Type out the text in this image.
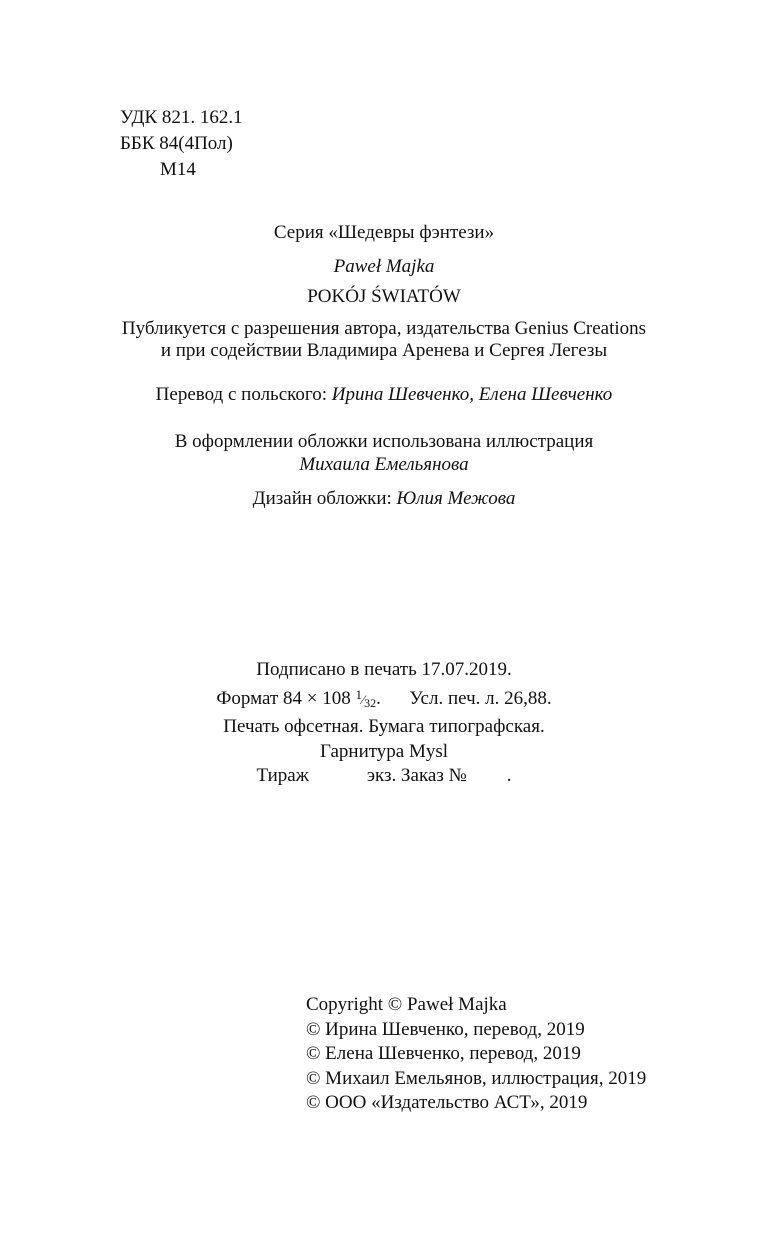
УДК 821. 162.1
ББК 84(4Пол)
М14
Серия «Шедевры фэнтези»
Paweł Majka
POKÓJ ŚWIATÓW
Публикуется с разрешения автора, издательства Genius Creations
и при содействии Владимира Аренева и Сергея Легезы
Перевод с польского: Ирина Шевченко, Елена Шевченко
В оформлении обложки использована иллюстрация
Михаила Емельянова
Дизайн обложки: Юлия Межова
Подписано в печать 17.07.2019.
Формат 84 × 108 $^1⁄_{32}$.      Усл. печ. л. 26,88.
Печать офсетная. Бумага типографская.
Гарнитура Mysl
Тираж	экз. Заказ № .
Copyright © Paweł Majka
© Ирина Шевченко, перевод, 2019
© Елена Шевченко, перевод, 2019
© Михаил Емельянов, иллюстрация, 2019
© ООО «Издательство АСТ», 2019
